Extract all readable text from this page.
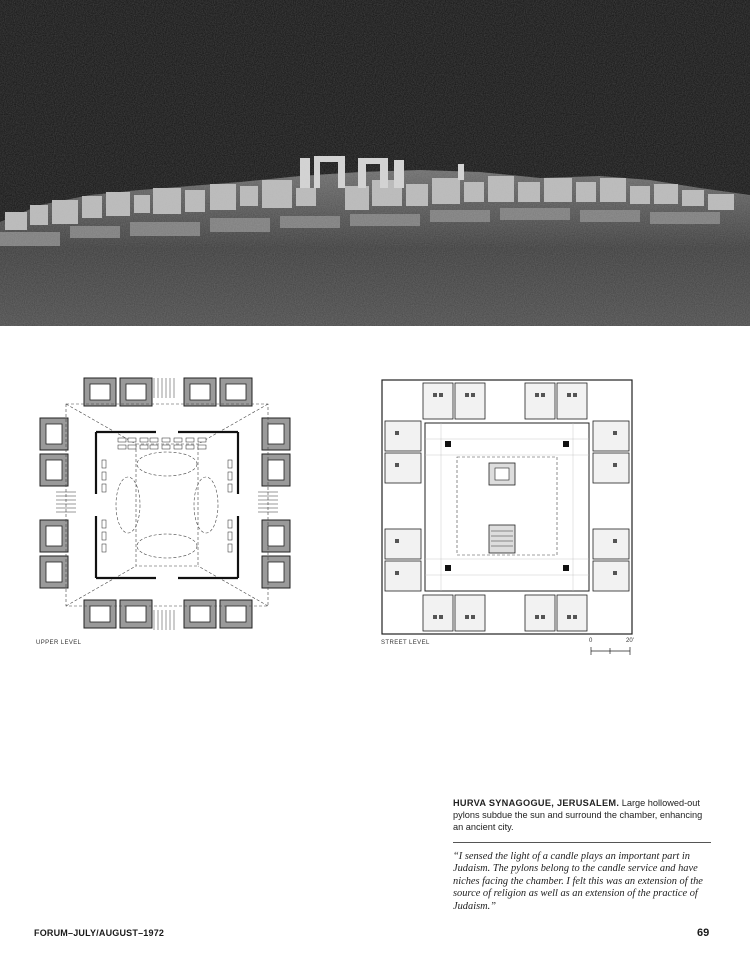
UPPER LEVEL	STREET LEVEL	0	20'
HURVA SYNAGOGUE, JERUSALEM. Large hollowed-out pylons subdue the sun and surround the chamber, enhancing an ancient city.
“I sensed the light of a candle plays an important part in Judaism. The pylons belong to the candle service and have niches facing the chamber. I felt this was an extension of the source of religion as well as an extension of the practice of Judaism.”
FORUM–JULY/AUGUST–1972	69
